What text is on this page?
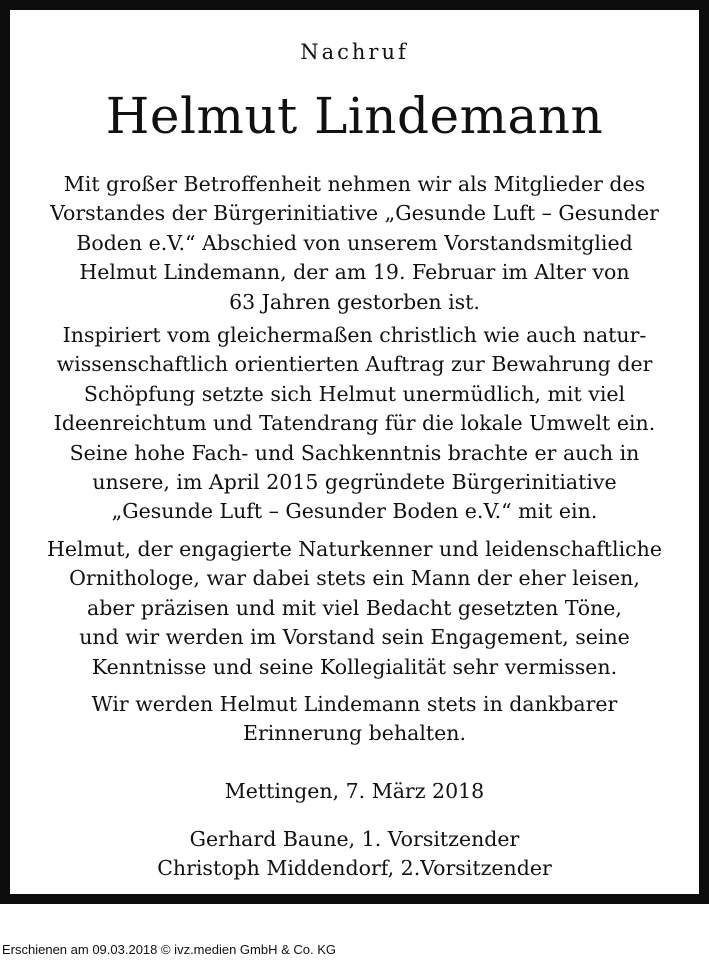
Nachruf
Helmut Lindemann
Mit großer Betroffenheit nehmen wir als Mitglieder des
Vorstandes der Bürgerinitiative „Gesunde Luft – Gesunder
Boden e.V.“ Abschied von unserem Vorstandsmitglied
Helmut Lindemann, der am 19. Februar im Alter von
63 Jahren gestorben ist.
Inspiriert vom gleichermaßen christlich wie auch natur-
wissenschaftlich orientierten Auftrag zur Bewahrung der
Schöpfung setzte sich Helmut unermüdlich, mit viel
Ideenreichtum und Tatendrang für die lokale Umwelt ein.
Seine hohe Fach- und Sachkenntnis brachte er auch in
unsere, im April 2015 gegründete Bürgerinitiative
„Gesunde Luft – Gesunder Boden e.V.“ mit ein.
Helmut, der engagierte Naturkenner und leidenschaftliche
Ornithologe, war dabei stets ein Mann der eher leisen,
aber präzisen und mit viel Bedacht gesetzten Töne,
und wir werden im Vorstand sein Engagement, seine
Kenntnisse und seine Kollegialität sehr vermissen.
Wir werden Helmut Lindemann stets in dankbarer
Erinnerung behalten.
Mettingen, 7. März 2018
Gerhard Baune, 1. Vorsitzender
Christoph Middendorf, 2.Vorsitzender
Erschienen am 09.03.2018 © ivz.medien GmbH & Co. KG
